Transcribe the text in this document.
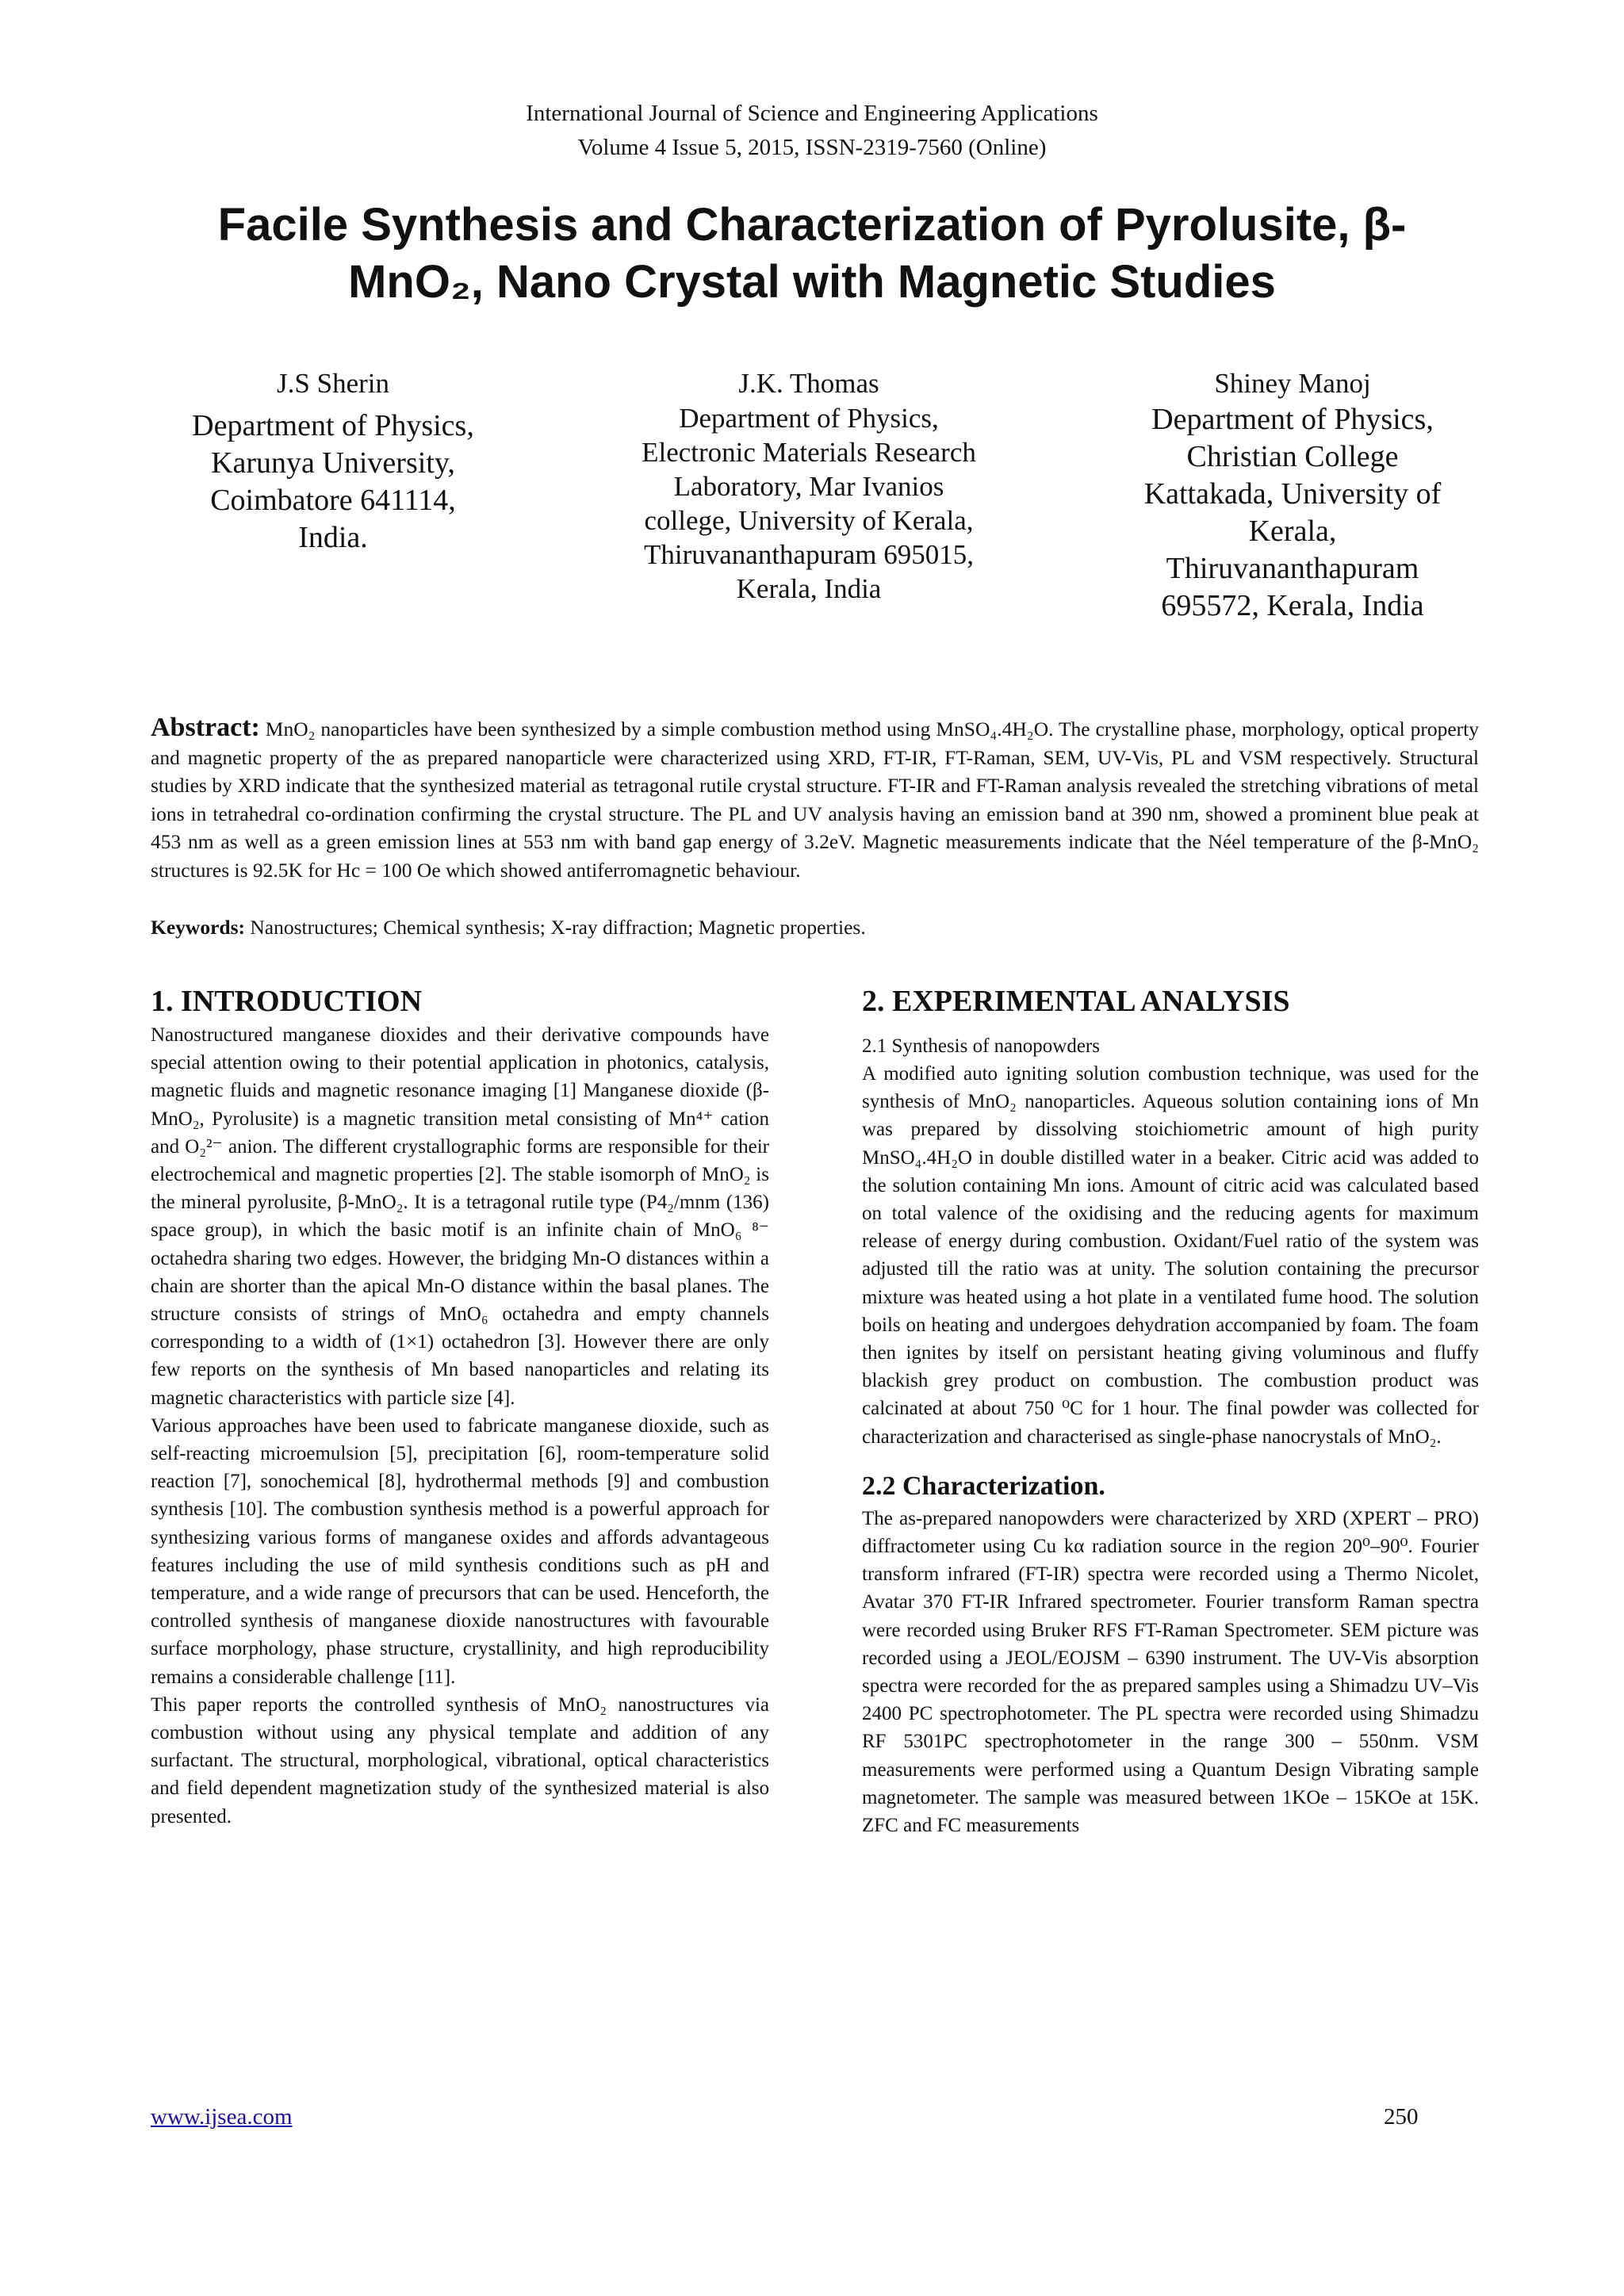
International Journal of Science and Engineering Applications
Volume 4 Issue 5, 2015, ISSN-2319-7560 (Online)
Facile Synthesis and Characterization of Pyrolusite, β-
MnO₂, Nano Crystal with Magnetic Studies
J.S Sherin
Department of Physics,
Karunya University,
Coimbatore 641114,
India.
J.K. Thomas
Department of Physics,
Electronic Materials Research
Laboratory, Mar Ivanios
college, University of Kerala,
Thiruvananthapuram 695015,
Kerala, India
Shiney Manoj
Department of Physics,
Christian College
Kattakada, University of
Kerala,
Thiruvananthapuram
695572, Kerala, India
Abstract: MnO₂ nanoparticles have been synthesized by a simple combustion method using MnSO₄.4H₂O. The crystalline phase, morphology, optical property and magnetic property of the as prepared nanoparticle were characterized using XRD, FT-IR, FT-Raman, SEM, UV-Vis, PL and VSM respectively. Structural studies by XRD indicate that the synthesized material as tetragonal rutile crystal structure. FT-IR and FT-Raman analysis revealed the stretching vibrations of metal ions in tetrahedral co-ordination confirming the crystal structure. The PL and UV analysis having an emission band at 390 nm, showed a prominent blue peak at 453 nm as well as a green emission lines at 553 nm with band gap energy of 3.2eV. Magnetic measurements indicate that the Néel temperature of the β-MnO₂ structures is 92.5K for Hc = 100 Oe which showed antiferromagnetic behaviour.
Keywords: Nanostructures; Chemical synthesis; X-ray diffraction; Magnetic properties.
1. INTRODUCTION

Nanostructured manganese dioxides and their derivative compounds have special attention owing to their potential application in photonics, catalysis, magnetic fluids and magnetic resonance imaging [1] Manganese dioxide (β-MnO₂, Pyrolusite) is a magnetic transition metal consisting of Mn⁴⁺ cation and O₂²⁻ anion. The different crystallographic forms are responsible for their electrochemical and magnetic properties [2]. The stable isomorph of MnO₂ is the mineral pyrolusite, β-MnO₂. It is a tetragonal rutile type (P4₂/mnm (136) space group), in which the basic motif is an infinite chain of MnO₆ ⁸⁻ octahedra sharing two edges. However, the bridging Mn-O distances within a chain are shorter than the apical Mn-O distance within the basal planes. The structure consists of strings of MnO₆ octahedra and empty channels corresponding to a width of (1×1) octahedron [3]. However there are only few reports on the synthesis of Mn based nanoparticles and relating its magnetic characteristics with particle size [4].

Various approaches have been used to fabricate manganese dioxide, such as self-reacting microemulsion [5], precipitation [6], room-temperature solid reaction [7], sonochemical [8], hydrothermal methods [9] and combustion synthesis [10]. The combustion synthesis method is a powerful approach for synthesizing various forms of manganese oxides and affords advantageous features including the use of mild synthesis conditions such as pH and temperature, and a wide range of precursors that can be used. Henceforth, the controlled synthesis of manganese dioxide nanostructures with favourable surface morphology, phase structure, crystallinity, and high reproducibility remains a considerable challenge [11].

This paper reports the controlled synthesis of MnO₂ nanostructures via combustion without using any physical template and addition of any surfactant. The structural, morphological, vibrational, optical characteristics and field dependent magnetization study of the synthesized material is also presented.

2. EXPERIMENTAL ANALYSIS

2.1 Synthesis of nanopowders

A modified auto igniting solution combustion technique, was used for the synthesis of MnO₂ nanoparticles. Aqueous solution containing ions of Mn was prepared by dissolving stoichiometric amount of high purity MnSO₄.4H₂O in double distilled water in a beaker. Citric acid was added to the solution containing Mn ions. Amount of citric acid was calculated based on total valence of the oxidising and the reducing agents for maximum release of energy during combustion. Oxidant/Fuel ratio of the system was adjusted till the ratio was at unity. The solution containing the precursor mixture was heated using a hot plate in a ventilated fume hood. The solution boils on heating and undergoes dehydration accompanied by foam. The foam then ignites by itself on persistant heating giving voluminous and fluffy blackish grey product on combustion. The combustion product was calcinated at about 750 ⁰C for 1 hour. The final powder was collected for characterization and characterised as single-phase nanocrystals of MnO₂.

2.2 Characterization.

The as-prepared nanopowders were characterized by XRD (XPERT – PRO) diffractometer using Cu kα radiation source in the region 20⁰–90⁰. Fourier transform infrared (FT-IR) spectra were recorded using a Thermo Nicolet, Avatar 370 FT-IR Infrared spectrometer. Fourier transform Raman spectra were recorded using Bruker RFS FT-Raman Spectrometer. SEM picture was recorded using a JEOL/EOJSM – 6390 instrument. The UV-Vis absorption spectra were recorded for the as prepared samples using a Shimadzu UV–Vis 2400 PC spectrophotometer. The PL spectra were recorded using Shimadzu RF 5301PC spectrophotometer in the range 300 – 550nm. VSM measurements were performed using a Quantum Design Vibrating sample magnetometer. The sample was measured between 1KOe – 15KOe at 15K. ZFC and FC measurements

www.ijsea.com	250
